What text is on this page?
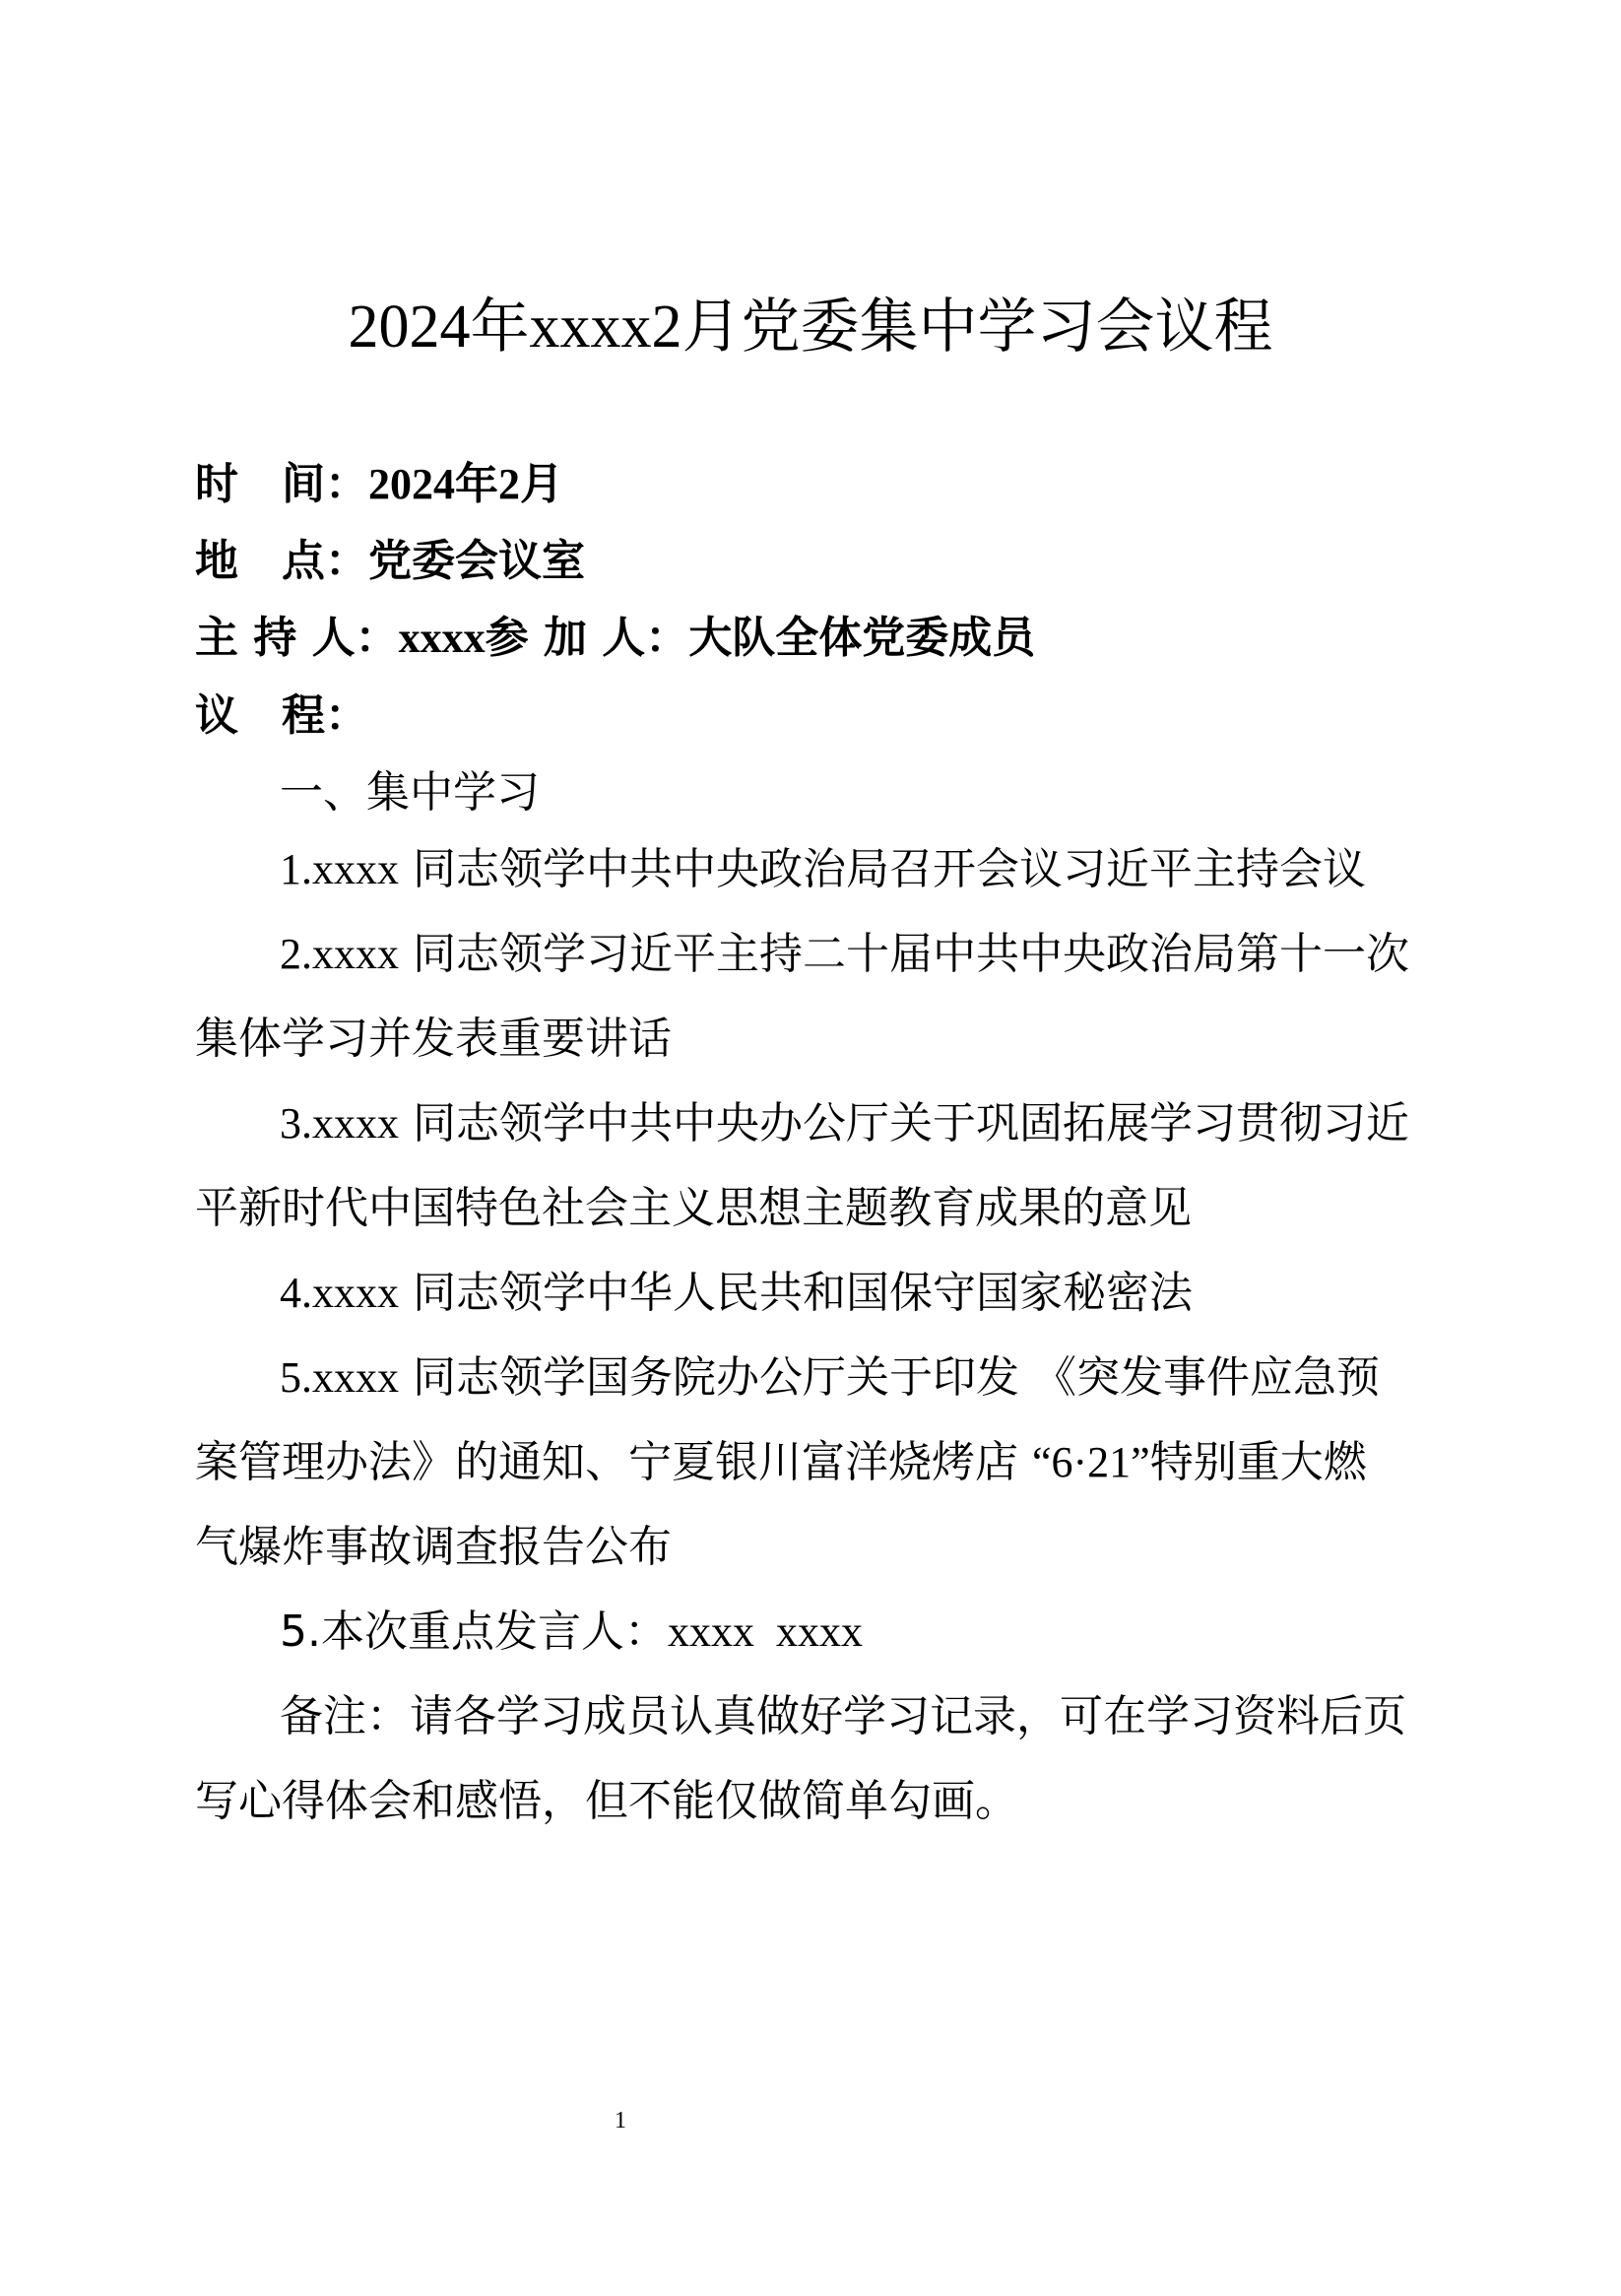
2024年xxxx2月党委集中学习会议程
时　间：2024年2月
地　点：党委会议室
主 持 人：xxxx参 加 人：大队全体党委成员
议　程：
一、集中学习
1.xxxx 同志领学中共中央政治局召开会议习近平主持会议
2.xxxx 同志领学习近平主持二十届中共中央政治局第十一次
集体学习并发表重要讲话
3.xxxx 同志领学中共中央办公厅关于巩固拓展学习贯彻习近
平新时代中国特色社会主义思想主题教育成果的意见
4.xxxx 同志领学中华人民共和国保守国家秘密法
5.xxxx 同志领学国务院办公厅关于印发 《突发事件应急预
案管理办法》的通知、宁夏银川富洋烧烤店 “6·21”特别重大燃
气爆炸事故调查报告公布
5.本次重点发言人：xxxx  xxxx
备注：请各学习成员认真做好学习记录，可在学习资料后页
写心得体会和感悟，但不能仅做简单勾画。
1
